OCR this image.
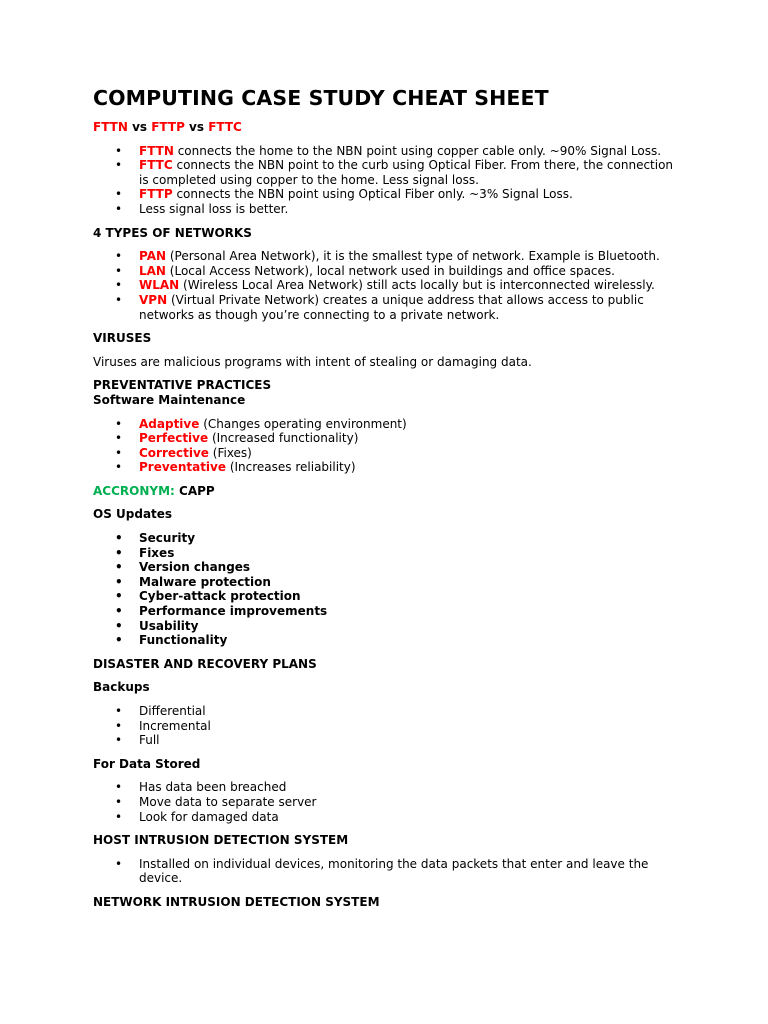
COMPUTING CASE STUDY CHEAT SHEET

FTTN vs FTTP vs FTTC

• FTTN connects the home to the NBN point using copper cable only. ~90% Signal Loss.
• FTTC connects the NBN point to the curb using Optical Fiber. From there, the connection is completed using copper to the home. Less signal loss.
• FTTP connects the NBN point using Optical Fiber only. ~3% Signal Loss.
• Less signal loss is better.

4 TYPES OF NETWORKS

• PAN (Personal Area Network), it is the smallest type of network. Example is Bluetooth.
• LAN (Local Access Network), local network used in buildings and office spaces.
• WLAN (Wireless Local Area Network) still acts locally but is interconnected wirelessly.
• VPN (Virtual Private Network) creates a unique address that allows access to public networks as though you’re connecting to a private network.

VIRUSES

Viruses are malicious programs with intent of stealing or damaging data.

PREVENTATIVE PRACTICES

Software Maintenance

• Adaptive (Changes operating environment)
• Perfective (Increased functionality)
• Corrective (Fixes)
• Preventative (Increases reliability)

ACCRONYM: CAPP

OS Updates

• Security
• Fixes
• Version changes
• Malware protection
• Cyber-attack protection
• Performance improvements
• Usability
• Functionality

DISASTER AND RECOVERY PLANS

Backups

• Differential
• Incremental
• Full

For Data Stored

• Has data been breached
• Move data to separate server
• Look for damaged data

HOST INTRUSION DETECTION SYSTEM

• Installed on individual devices, monitoring the data packets that enter and leave the device.

NETWORK INTRUSION DETECTION SYSTEM
